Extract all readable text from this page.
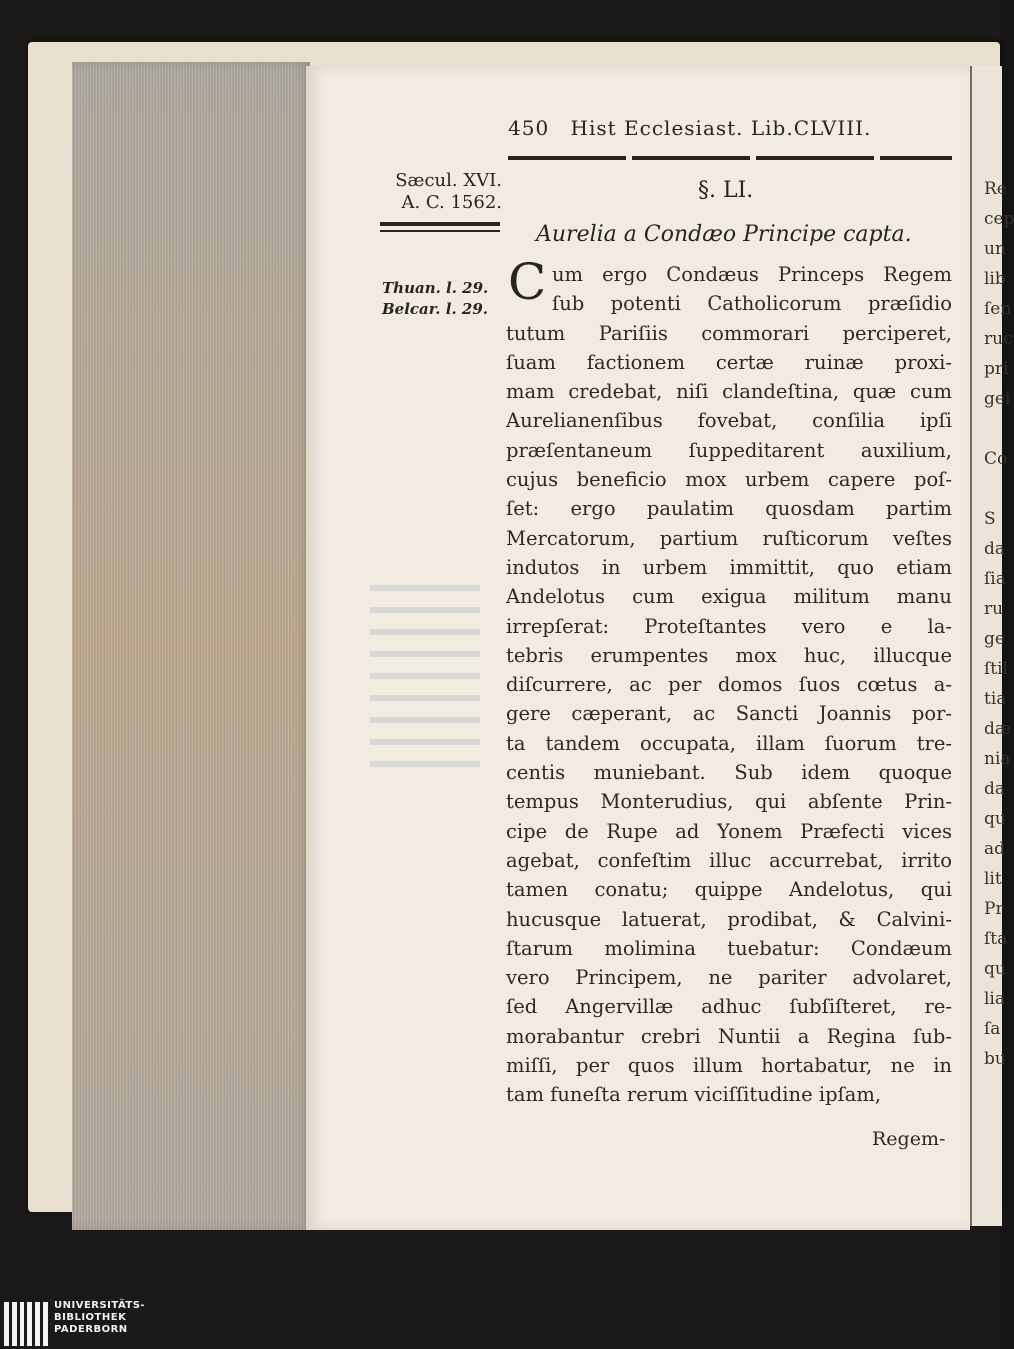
Re
cep
un
lib
ſen
ruc
pri
gei
Co
S
da
ſia
ru
ge
ſtil
tia
dæ
nia
da
qu
ad
lit
Pr
ſta
qu
lia
ſa
bu
450 Hist Ecclesiast. Lib.CLVIII.
Sæcul. XVI.
A. C. 1562.
Thuan. l. 29.
Belcar. l. 29.
§. LI.
Aurelia a Condæo Principe capta.
C um ergo Condæus Princeps Regem
ſub potenti Catholicorum præſidio
tutum Pariſiis commorari perciperet,
ſuam factionem certæ ruinæ proxi-
mam credebat, niſi clandeſtina, quæ cum
Aurelianenſibus fovebat, conſilia ipſi
præſentaneum ſuppeditarent auxilium,
cujus beneficio mox urbem capere poſ-
ſet: ergo paulatim quosdam partim
Mercatorum, partium ruſticorum veſtes
indutos in urbem immittit, quo etiam
Andelotus cum exigua militum manu
irrepſerat: Proteſtantes vero e la-
tebris erumpentes mox huc, illucque
diſcurrere, ac per domos ſuos cœtus a-
gere cæperant, ac Sancti Joannis por-
ta tandem occupata, illam ſuorum tre-
centis muniebant. Sub idem quoque
tempus Monterudius, qui abſente Prin-
cipe de Rupe ad Yonem Præfecti vices
agebat, confeſtim illuc accurrebat, irrito
tamen conatu; quippe Andelotus, qui
hucusque latuerat, prodibat, & Calvini-
ſtarum molimina tuebatur: Condæum
vero Principem, ne pariter advolaret,
ſed Angervillæ adhuc ſubſiſteret, re-
morabantur crebri Nuntii a Regina ſub-
miſſi, per quos illum hortabatur, ne in
tam funeſta rerum viciſſitudine ipſam,
Regem-
UNIVERSITÄTS-
BIBLIOTHEK
PADERBORN
